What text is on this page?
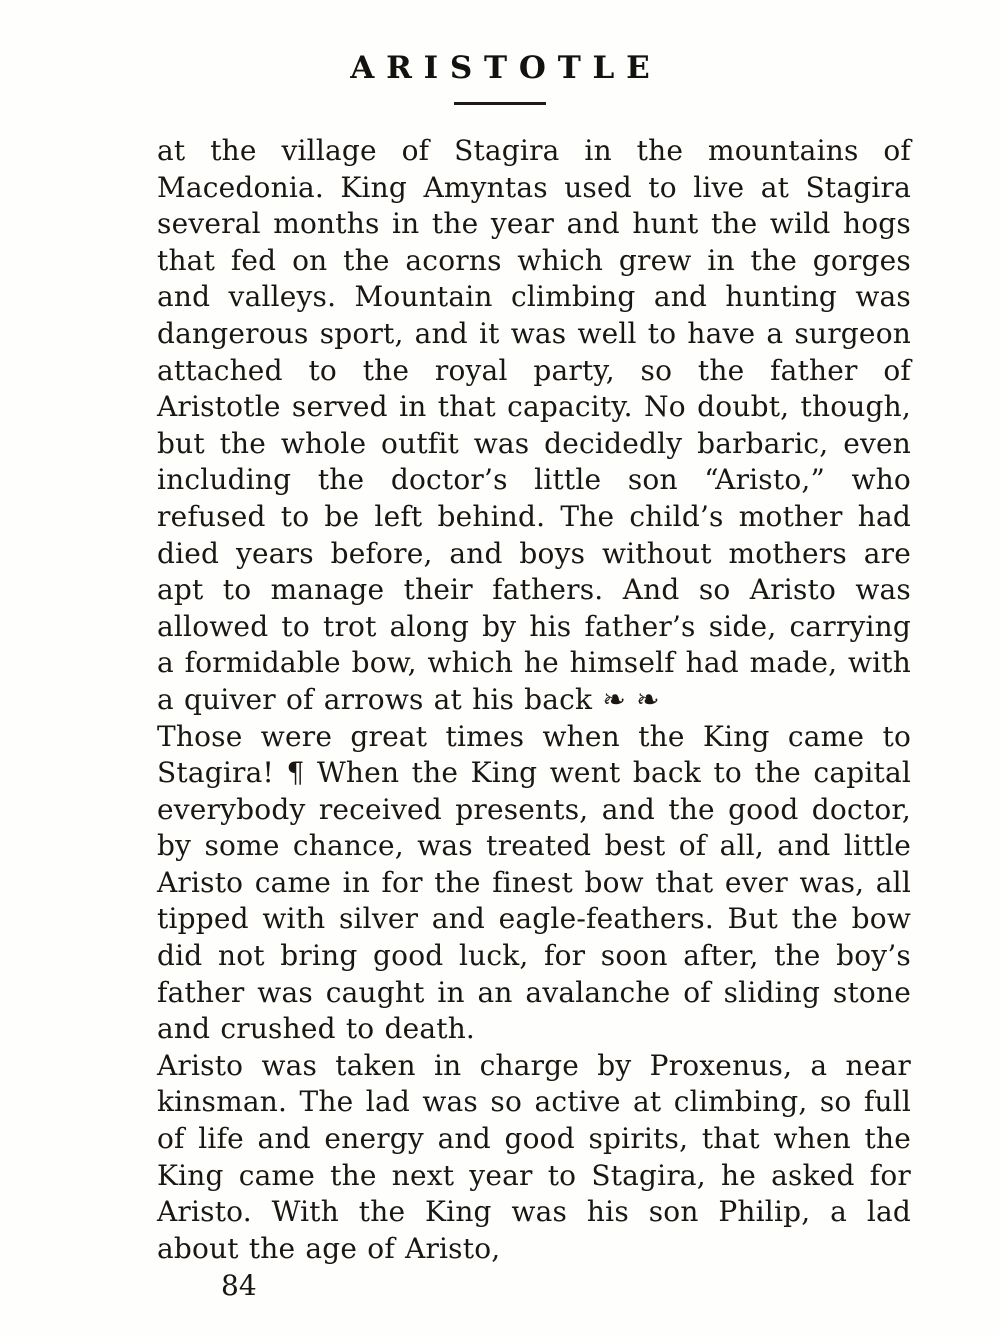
ARISTOTLE

at the village of Stagira in the mountains of Macedonia. King Amyntas used to live at Stagira several months in the year and hunt the wild hogs that fed on the acorns which grew in the gorges and valleys. Mountain climbing and hunting was dangerous sport, and it was well to have a surgeon attached to the royal party, so the father of Aristotle served in that capacity. No doubt, though, but the whole outfit was decidedly barbaric, even including the doctor’s little son “Aristo,” who refused to be left behind. The child’s mother had died years before, and boys without mothers are apt to manage their fathers. And so Aristo was allowed to trot along by his father’s side, carrying a formidable bow, which he himself had made, with a quiver of arrows at his back ❧ ❧

Those were great times when the King came to Stagira! ¶ When the King went back to the capital everybody received presents, and the good doctor, by some chance, was treated best of all, and little Aristo came in for the finest bow that ever was, all tipped with silver and eagle-feathers. But the bow did not bring good luck, for soon after, the boy’s father was caught in an avalanche of sliding stone and crushed to death.

Aristo was taken in charge by Proxenus, a near kinsman. The lad was so active at climbing, so full of life and energy and good spirits, that when the King came the next year to Stagira, he asked for Aristo. With the King was his son Philip, a lad about the age of Aristo,

84
